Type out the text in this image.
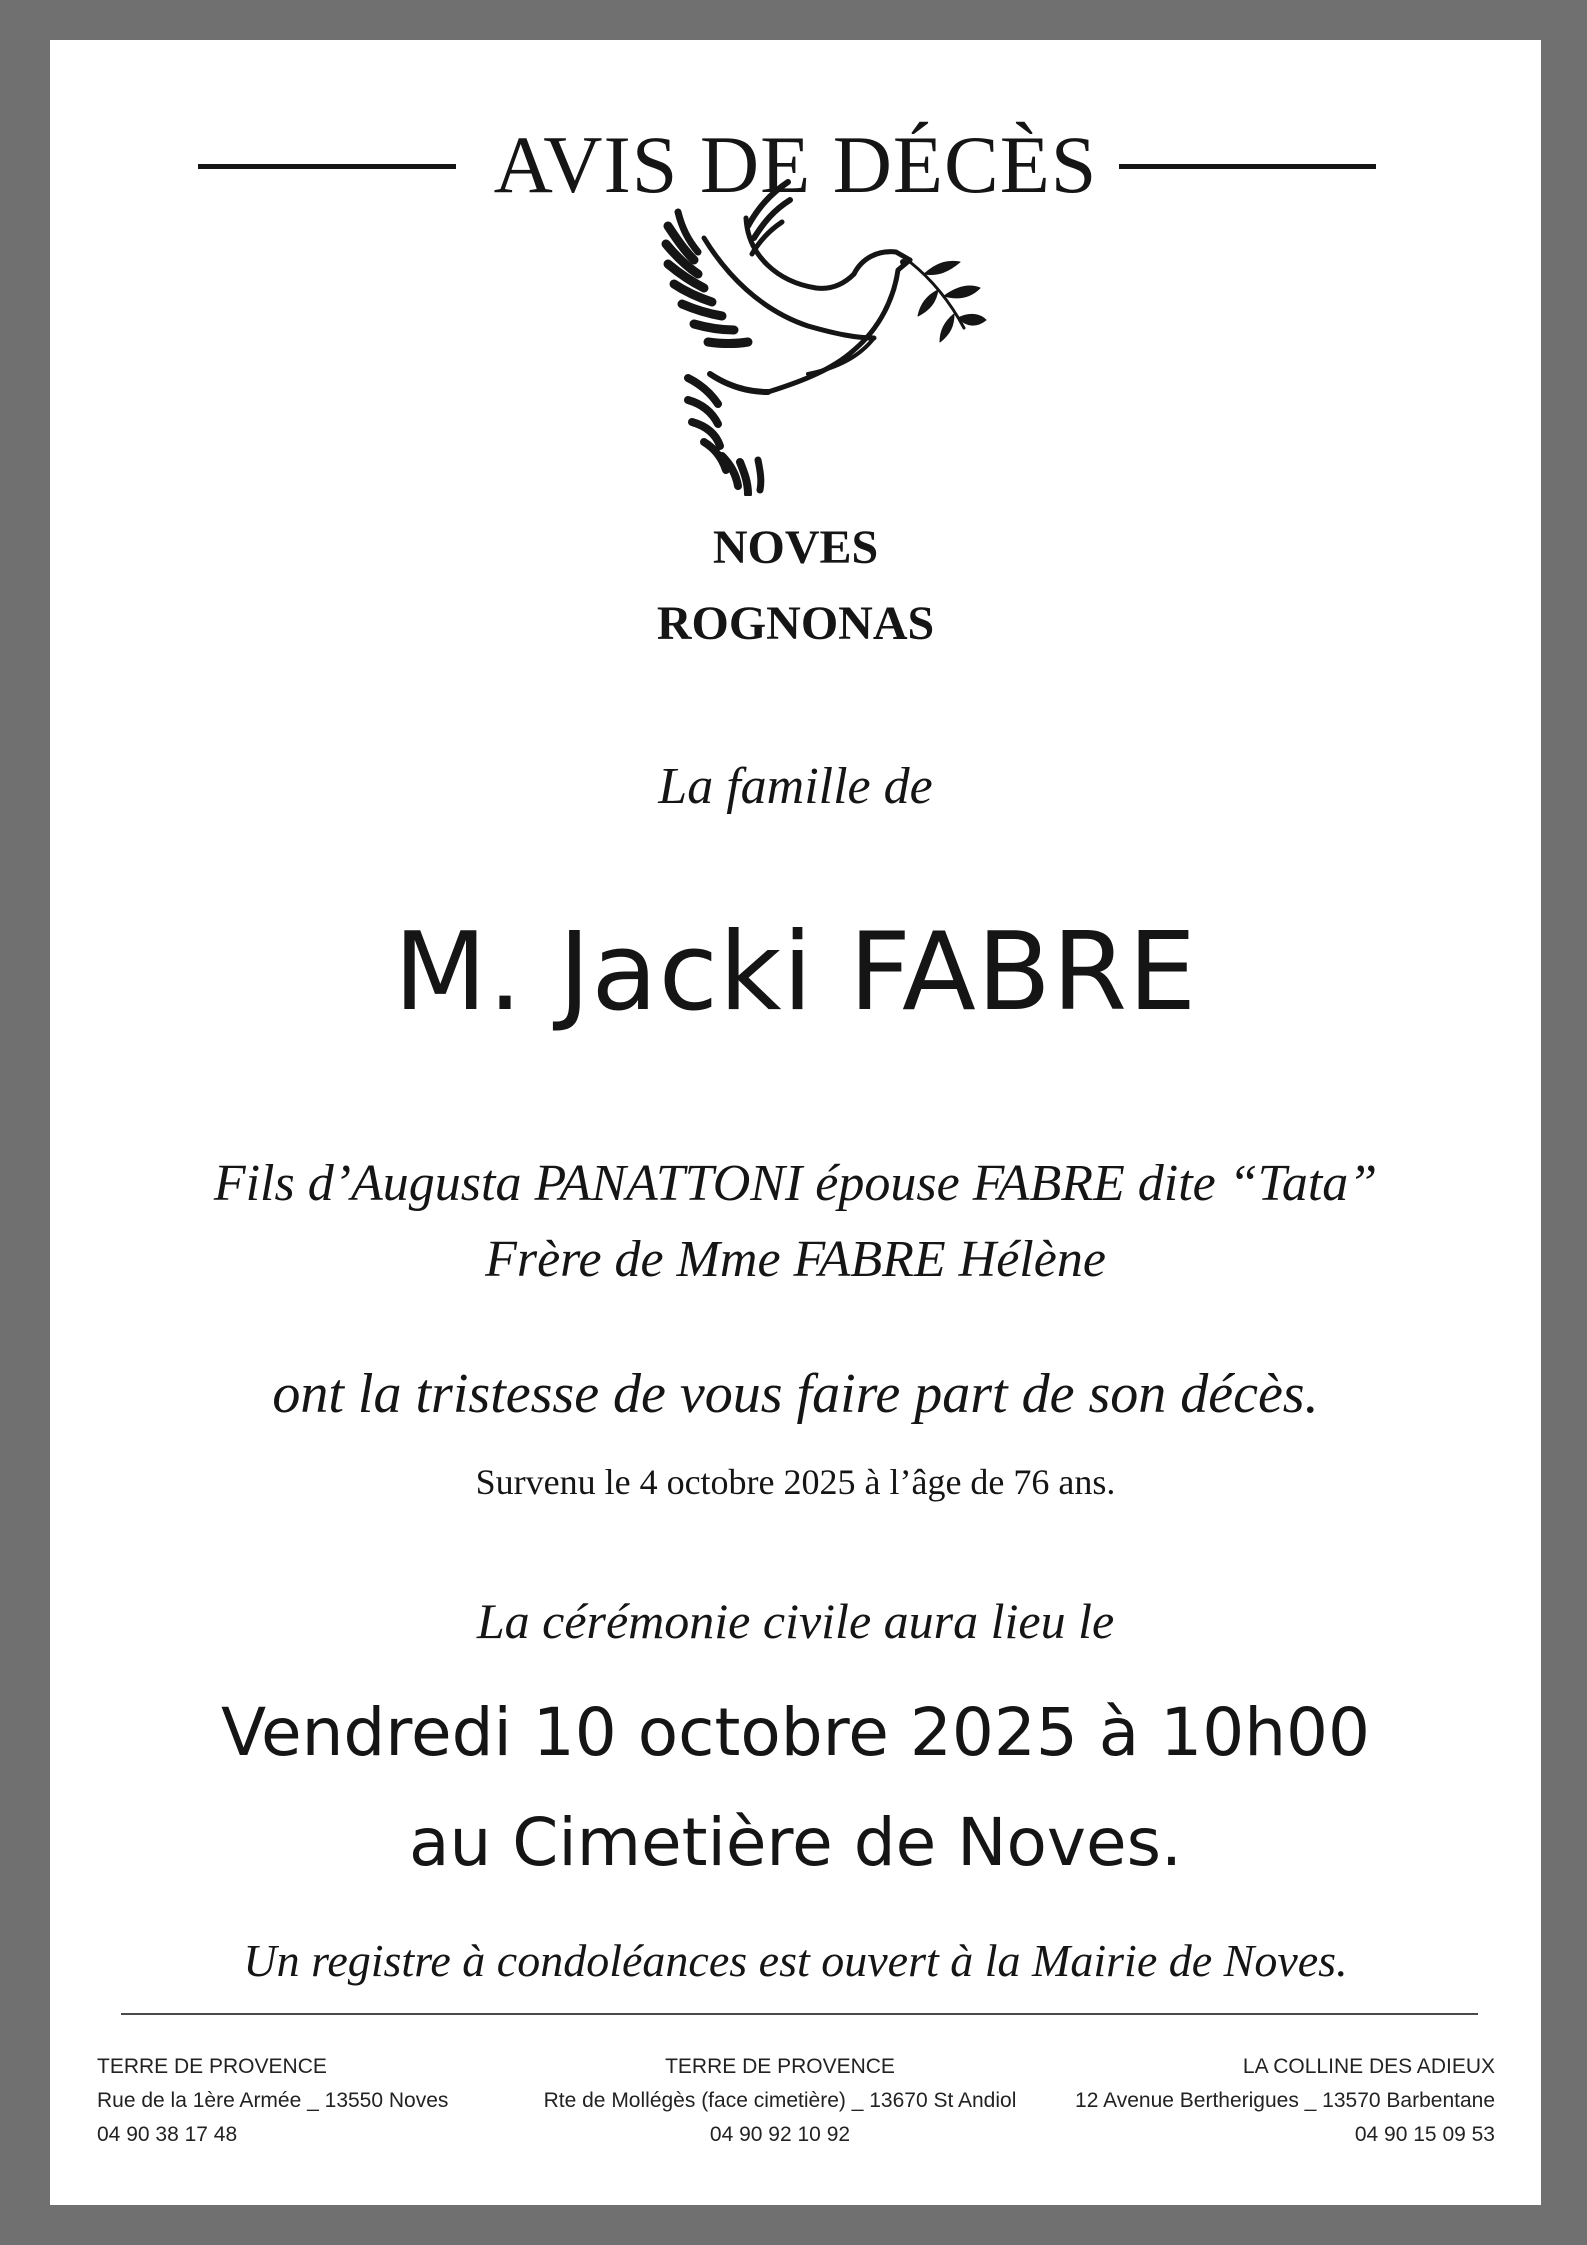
AVIS DE DÉCÈS
NOVES
ROGNONAS
La famille de
M. Jacki FABRE
Fils d’Augusta PANATTONI épouse FABRE dite “Tata”
Frère de Mme FABRE Hélène
ont la tristesse de vous faire part de son décès.
Survenu le 4 octobre 2025 à l’âge de 76 ans.
La cérémonie civile aura lieu le
Vendredi 10 octobre 2025 à 10h00
au Cimetière de Noves.
Un registre à condoléances est ouvert à la Mairie de Noves.
TERRE DE PROVENCE
Rue de la 1ère Armée _ 13550 Noves
04 90 38 17 48
TERRE DE PROVENCE
Rte de Mollégès (face cimetière) _ 13670 St Andiol
04 90 92 10 92
LA COLLINE DES ADIEUX
12 Avenue Bertherigues _ 13570 Barbentane
04 90 15 09 53
